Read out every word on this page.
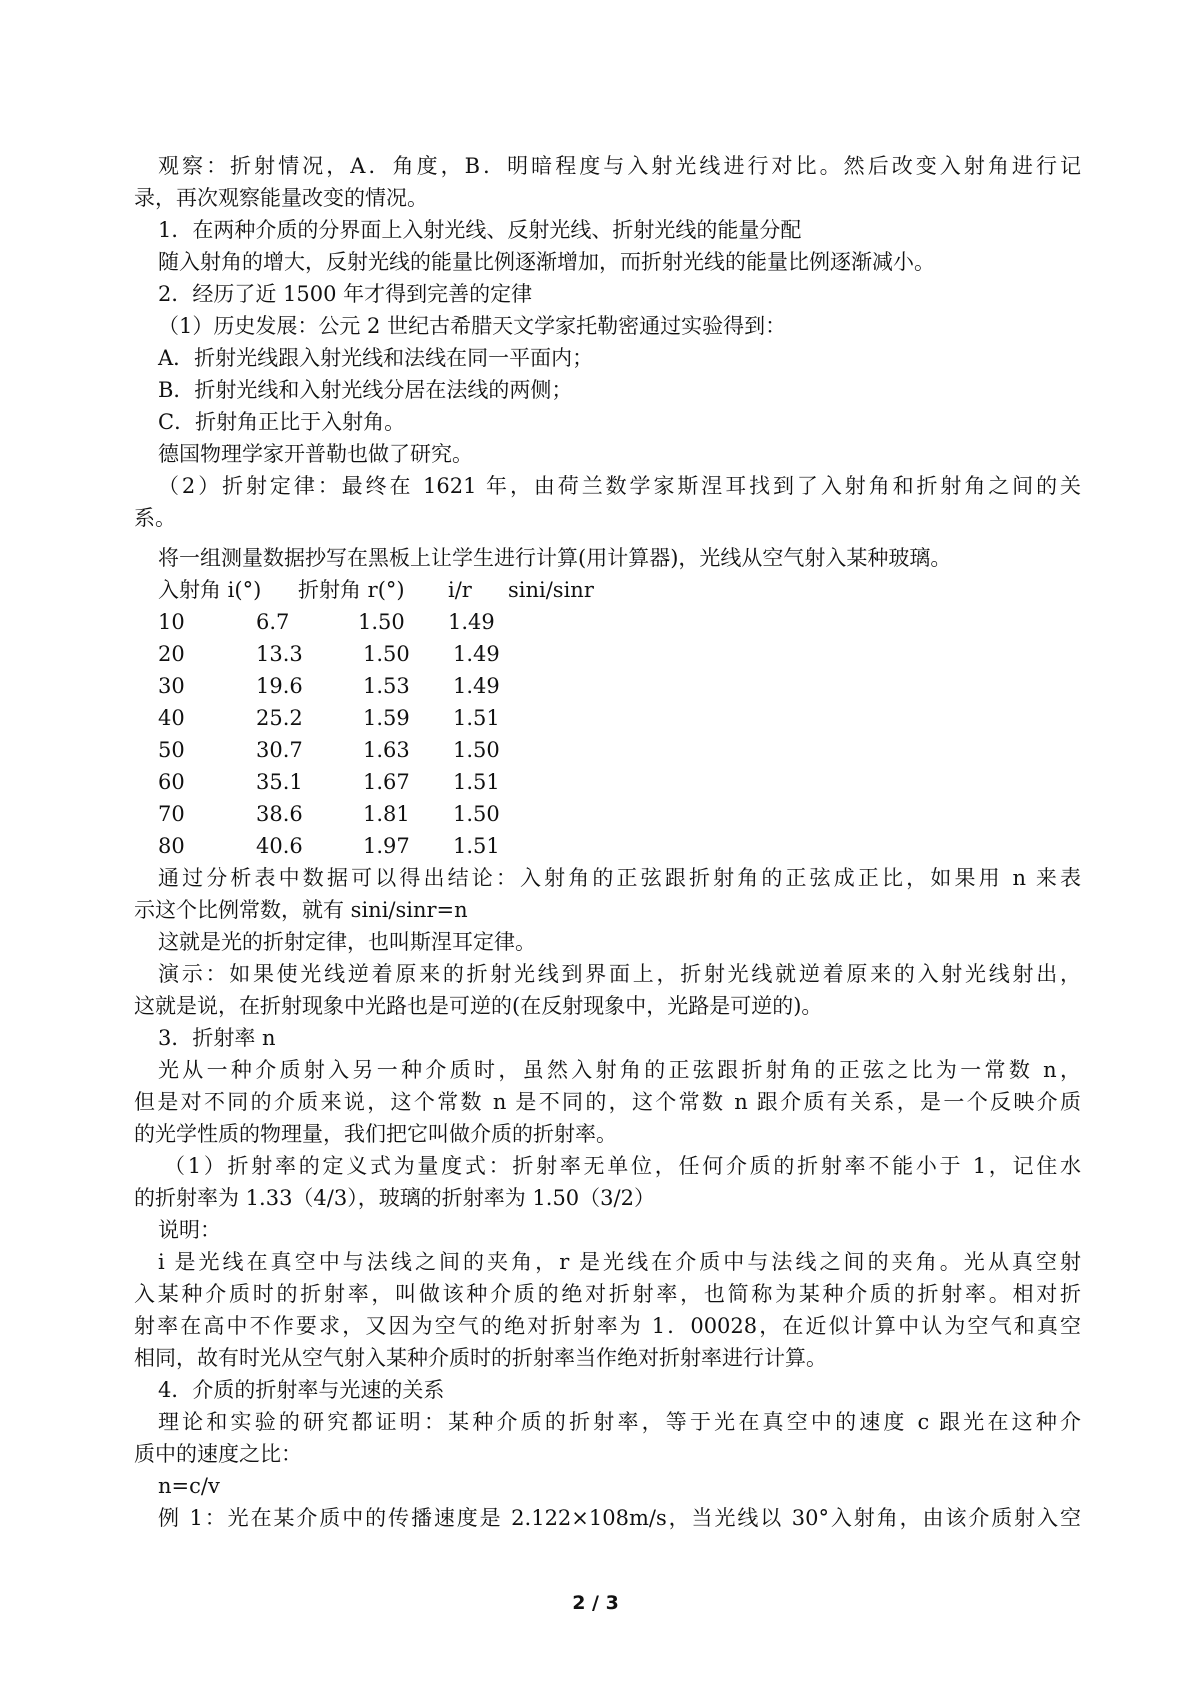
观察：折射情况，A．角度，B．明暗程度与入射光线进行对比。然后改变入射角进行记
录，再次观察能量改变的情况。
1．在两种介质的分界面上入射光线、反射光线、折射光线的能量分配
随入射角的增大，反射光线的能量比例逐渐增加，而折射光线的能量比例逐渐减小。
2．经历了近 1500 年才得到完善的定律
（1）历史发展：公元 2 世纪古希腊天文学家托勒密通过实验得到：
A．折射光线跟入射光线和法线在同一平面内；
B．折射光线和入射光线分居在法线的两侧；
C．折射角正比于入射角。
德国物理学家开普勒也做了研究。
（2）折射定律：最终在 1621 年，由荷兰数学家斯涅耳找到了入射角和折射角之间的关
系。
将一组测量数据抄写在黑板上让学生进行计算(用计算器)，光线从空气射入某种玻璃。
入射角 i(°) 折射角 r(°) i/r sini/sinr
10	6.7	1.50 1.49
20	13.3	1.50 1.49
30	19.6	1.53 1.49
40	25.2	1.59 1.51
50	30.7	1.63 1.50
60	35.1	1.67 1.51
70	38.6	1.81 1.50
80	40.6	1.97 1.51
通过分析表中数据可以得出结论：入射角的正弦跟折射角的正弦成正比，如果用 n 来表
示这个比例常数，就有 sini/sinr=n
这就是光的折射定律，也叫斯涅耳定律。
演示：如果使光线逆着原来的折射光线到界面上，折射光线就逆着原来的入射光线射出，
这就是说，在折射现象中光路也是可逆的(在反射现象中，光路是可逆的)。
3．折射率 n
光从一种介质射入另一种介质时，虽然入射角的正弦跟折射角的正弦之比为一常数 n，
但是对不同的介质来说，这个常数 n 是不同的，这个常数 n 跟介质有关系，是一个反映介质
的光学性质的物理量，我们把它叫做介质的折射率。
（1）折射率的定义式为量度式：折射率无单位，任何介质的折射率不能小于 1，记住水
的折射率为 1.33（4/3），玻璃的折射率为 1.50（3/2）
说明：
i 是光线在真空中与法线之间的夹角，r 是光线在介质中与法线之间的夹角。光从真空射
入某种介质时的折射率，叫做该种介质的绝对折射率，也简称为某种介质的折射率。相对折
射率在高中不作要求，又因为空气的绝对折射率为 1．00028，在近似计算中认为空气和真空
相同，故有时光从空气射入某种介质时的折射率当作绝对折射率进行计算。
4．介质的折射率与光速的关系
理论和实验的研究都证明：某种介质的折射率，等于光在真空中的速度 c 跟光在这种介
质中的速度之比：
n=c/v
例 1：光在某介质中的传播速度是 2.122×108m/s，当光线以 30°入射角，由该介质射入空
2 / 3
